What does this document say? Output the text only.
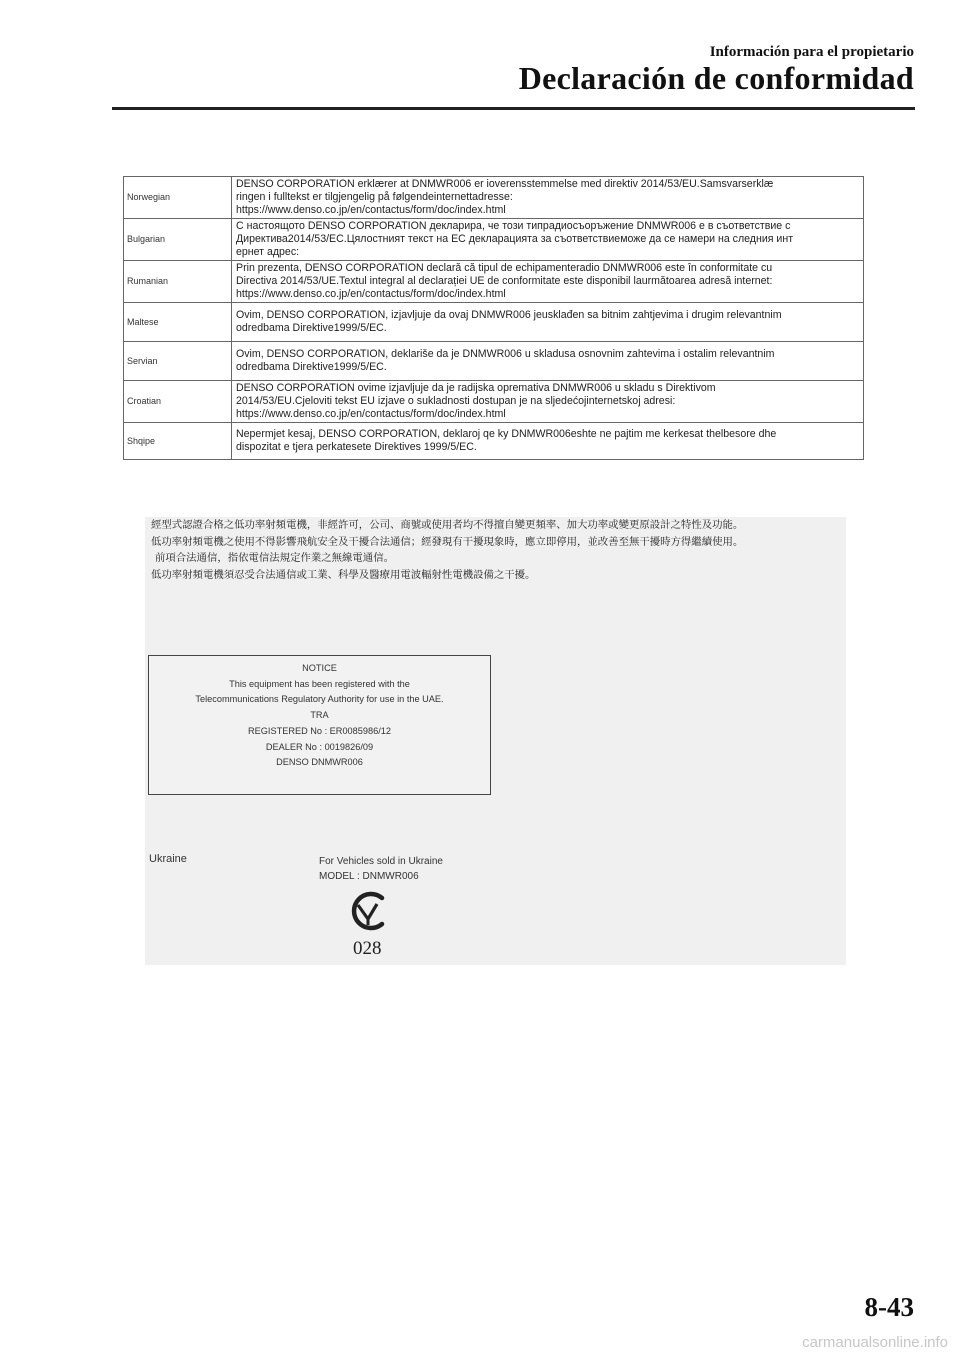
Información para el propietario
Declaración de conformidad
Norwegian	DENSO CORPORATION erklærer at DNMWR006 er ioverensstemmelse med direktiv 2014/53/EU.Samsvarserklæ
ringen i fulltekst er tilgjengelig på følgendeinternettadresse:
https://www.denso.co.jp/en/contactus/form/doc/index.html

Bulgarian	С настоящото DENSO CORPORATION декларира, че този типрадиосъоръжение DNMWR006 е в съответствие с
Директива2014/53/ЕС.Цялостният текст на ЕС декларацията за съответствиеможе да се намери на следния инт
ернет адрес:

Rumanian	Prin prezenta, DENSO CORPORATION declară că tipul de echipamenteradio DNMWR006 este în conformitate cu
Directiva 2014/53/UE.Textul integral al declarației UE de conformitate este disponibil laurmătoarea adresă internet:
https://www.denso.co.jp/en/contactus/form/doc/index.html

Maltese	Ovim, DENSO CORPORATION, izjavljuje da ovaj DNMWR006 jeusklađen sa bitnim zahtjevima i drugim relevantnim
odredbama Direktive1999/5/EC.

Servian	Ovim, DENSO CORPORATION, deklariše da je DNMWR006 u skladusa osnovnim zahtevima i ostalim relevantnim
odredbama Direktive1999/5/EC.

Croatian	DENSO CORPORATION ovime izjavljuje da je radijska opremativa DNMWR006 u skladu s Direktivom
2014/53/EU.Cjeloviti tekst EU izjave o sukladnosti dostupan je na sljedećojinternetskoj adresi:
https://www.denso.co.jp/en/contactus/form/doc/index.html

Shqipe	Nepermjet kesaj, DENSO CORPORATION, deklaroj qe ky DNMWR006eshte ne pajtim me kerkesat thelbesore dhe
dispozitat e tjera perkatesete Direktives 1999/5/EC.
經型式認證合格之低功率射頻電機，非經許可，公司、商號或使用者均不得擅自變更頻率、加大功率或變更原設計之特性及功能。
低功率射頻電機之使用不得影響飛航安全及干擾合法通信；經發現有干擾現象時，應立即停用，並改善至無干擾時方得繼續使用。
前項合法通信，指依電信法規定作業之無線電通信。
低功率射頻電機須忍受合法通信或工業、科學及醫療用電波輻射性電機設備之干擾。
NOTICE
This equipment has been registered with the
Telecommunications Regulatory Authority for use in the UAE.
TRA
REGISTERED No : ER0085986/12
DEALER No : 0019826/09
DENSO DNMWR006
Ukraine	For Vehicles sold in Ukraine
MODEL : DNMWR006
028
8-43
carmanualsonline.info
